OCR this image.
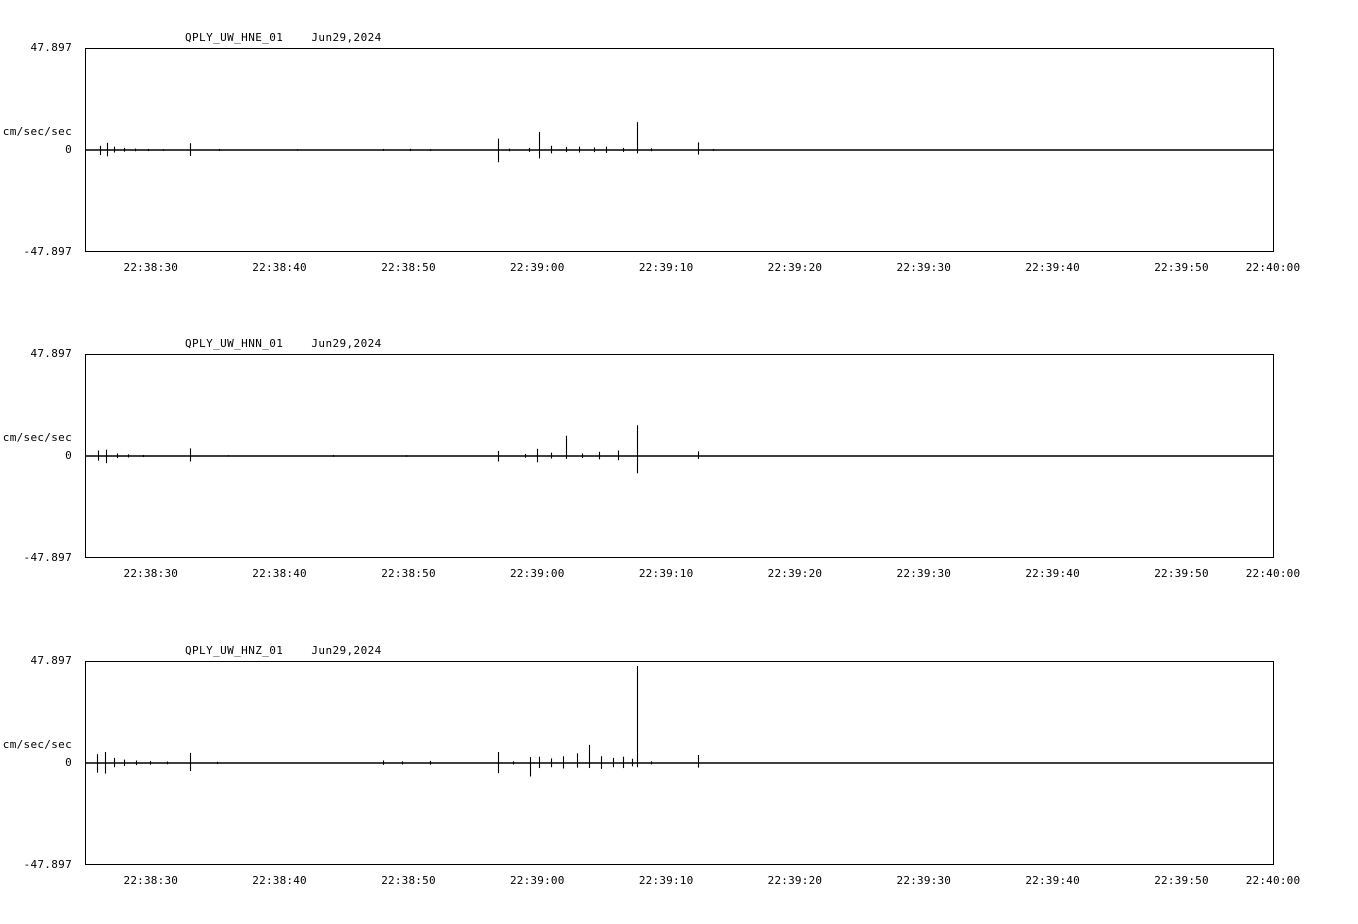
QPLY_UW_HNE_01    Jun29,2024
47.897
0
-47.897
cm/sec/sec
22:38:30	22:38:40	22:38:50	22:39:00	22:39:10	22:39:20	22:39:30	22:39:40	22:39:50	22:40:00
QPLY_UW_HNN_01    Jun29,2024
47.897
0
-47.897
cm/sec/sec
22:38:30	22:38:40	22:38:50	22:39:00	22:39:10	22:39:20	22:39:30	22:39:40	22:39:50	22:40:00
QPLY_UW_HNZ_01    Jun29,2024
47.897
0
-47.897
cm/sec/sec
22:38:30	22:38:40	22:38:50	22:39:00	22:39:10	22:39:20	22:39:30	22:39:40	22:39:50	22:40:00
